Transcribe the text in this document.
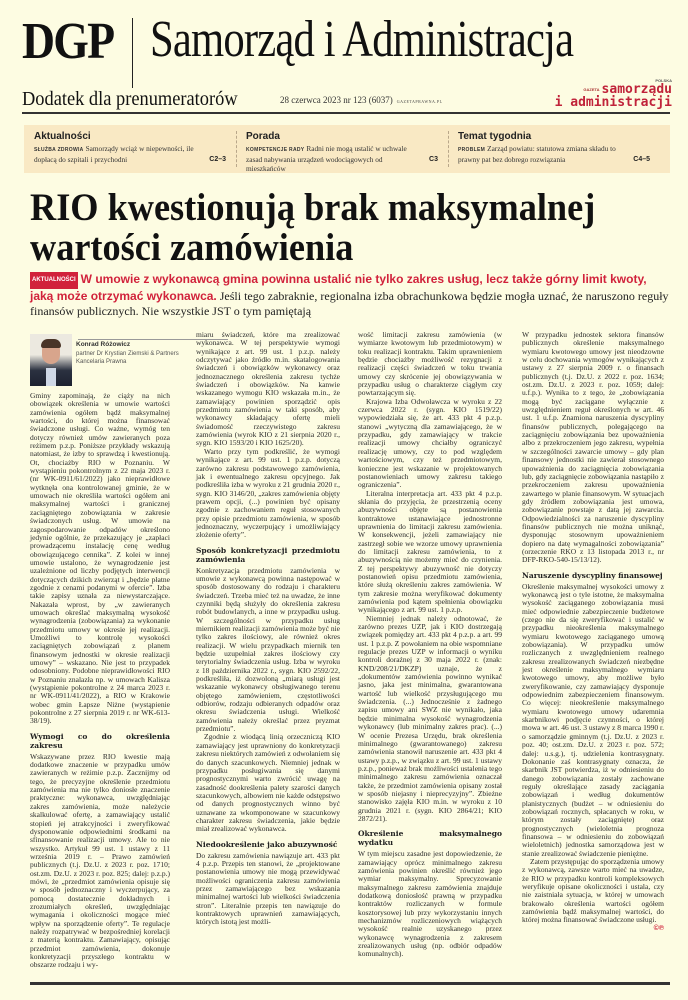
DGP Samorząd i Administracja
Dodatek dla prenumeratorów	28 czerwca 2023 nr 123 (6037) GAZETAPRAWNA.PL
POLSKA
GAZETA samorządu
i administracji
Aktualności
SŁUŻBA ZDROWIA Samorządy wciąż w niepewności, ile dopłacą do szpitali i przychodni	C2–3
Porada
KOMPETENCJE RADY Radni nie mogą ustalić w uchwale zasad nabywania urządzeń wodociągowych od mieszkańców
C3
Temat tygodnia
PROBLEM Zarząd powiatu: statutowa zmiana składu to prawny pat bez dobrego rozwiązania	C4–5
RIO kwestionują brak maksymalnej wartości zamówienia
AKTUALNOŚCI W umowie z wykonawcą gmina powinna ustalić nie tylko zakres usług, lecz także górny limit kwoty, jaką może otrzymać wykonawca. Jeśli tego zabraknie, regionalna izba obrachunkowa będzie mogła uznać, że naruszono reguły finansów publicznych. Nie wszystkie JST o tym pamiętają
Konrad Różowicz
partner Dr Krystian Ziemski & Partners Kancelaria Prawna

Gminy zapominają, że ciąży na nich obowiązek określenia w umowie wartości zamówienia ogółem bądź maksymalnej wartości, do której można finansować świadczone usługi. Co ważne, wymóg ten dotyczy również umów zawieranych poza reżimem p.z.p. Poniższe przykłady wskazują natomiast, że izby to sprawdzą i kwestionują. Ot, chociażby RIO w Poznaniu. W wystąpieniu pokontrolnym z 22 maja 2023 r. (nr WK-0911/61/2022) jako nieprawidłowe wytknęła ona kontrolowanej gminie, że w umowach nie określiła wartości ogółem ani maksymalnej wartości i granicznej zaciągniętego zobowiązania w zakresie świadczonych usług. W umowie na zagospodarowanie odpadów określono jedynie ogólnie, że przekazujący je „zapłaci prowadzącemu instalację cenę według obowiązującego cennika”. Z kolei w innej umowie ustalono, że wynagrodzenie jest uzależnione od liczby podjętych interwencji dotyczących dzikich zwierząt i „będzie płatne zgodnie z cenami podanymi w ofercie”. Izba takie zapisy uznała za niewystarczające. Nakazała wprost, by „w zawieranych umowach określać maksymalną wysokość wynagrodzenia (zobowiązania) za wykonanie przedmiotu umowy w okresie jej realizacji. Umożliwi to kontrolę wysokości zaciągniętych zobowiązań z planem finansowym jednostki w okresie realizacji umowy” – wskazano. Nie jest to przypadek odosobniony. Podobne nieprawidłowości RIO w Poznaniu znalazła np. w umowach Kalisza (wystąpienie pokontrolne z 24 marca 2023 r. nr WK-0911/41/2022), a RIO w Krakowie wobec gmin Łapsze Niżne (wystąpienie pokontrolne z 27 sierpnia 2019 r. nr WK-613-38/19).

Wymogi co do określenia zakresu

Wskazywane przez RIO kwestie mają dodatkowe znaczenie w przypadku umów zawieranych w reżimie p.z.p. Zacznijmy od tego, że precyzyjne określenie przedmiotu zamówienia ma nie tylko doniosłe znaczenie praktyczne: wykonawca, uwzględniając zakres zamówienia, może należycie skalkulować ofertę, a zamawiający ustalić stopień jej atrakcyjności i zweryfikować dysponowanie odpowiednimi środkami na sfinansowanie realizacji umowy. Ale to nie wszystko. Artykuł 99 ust. 1 ustawy z 11 września 2019 r. – Prawo zamówień publicznych (t.j. Dz.U. z 2023 r. poz. 1710; ost.zm. Dz.U. z 2023 r. poz. 825; dalej: p.z.p.) mówi, że „przedmiot zamówienia opisuje się w sposób jednoznaczny i wyczerpujący, za pomocą dostatecznie dokładnych i zrozumiałych określeń, uwzględniając wymagania i okoliczności mogące mieć wpływ na sporządzenie oferty”. Te regulacje należy rozpatrywać w bezpośredniej korelacji z materią kontraktu. Zamawiający, opisując przedmiot zamówienia, dokonuje konkretyzacji przyszłego kontraktu w obszarze rodzaju i wy-

miaru świadczeń, które ma zrealizować wykonawca. W tej perspektywie wymogi wynikające z art. 99 ust. 1 p.z.p. należy odczytywać jako źródło m.in. skatalogowania świadczeń i obowiązków wykonawcy oraz jednoznacznego określenia zakresu tychże świadczeń i obowiązków. Na kanwie wskazanego wymogu KIO wskazała m.in., że zamawiający powinien sporządzić opis przedmiotu zamówienia w taki sposób, aby wykonawcy składający ofertę mieli świadomość rzeczywistego zakresu zamówienia (wyrok KIO z 21 sierpnia 2020 r., sygn. KIO 1593/20 i KIO 1625/20).

Warto przy tym podkreślić, że wymogi wynikające z art. 99 ust. 1 p.z.p. dotyczą zarówno zakresu podstawowego zamówienia, jak i ewentualnego zakresu opcyjnego. Jak podkreśliła izba w wyroku z 21 grudnia 2020 r., sygn. KIO 3146/20, „zakres zamówienia objęty prawem opcji, (...) powinien być opisany zgodnie z zachowaniem reguł stosowanych przy opisie przedmiotu zamówienia, w sposób jednoznaczny, wyczerpujący i umożliwiający złożenie oferty”.

Sposób konkretyzacji przedmiotu zamówienia

Konkretyzacja przedmiotu zamówienia w umowie z wykonawcą powinna następować w sposób dostosowany do rodzaju i charakteru świadczeń. Trzeba mieć też na uwadze, że inne czynniki będą służyły do określenia zakresu robót budowlanych, a inne w przypadku usług. W szczególności w przypadku usług miernikiem realizacji zamówienia może być nie tylko zakres ilościowy, ale również okres realizacji. W wielu przypadkach miernik ten będzie uzupełniał zakres ilościowy czy terytorialny świadczenia usług. Izba w wyroku z 18 października 2022 r., sygn. KIO 2592/22, podkreśliła, iż dozwoloną „miarą usługi jest wskazanie wykonawcy obsługiwanego terenu objętego zamówieniem, częstotliwości odbiorów, rodzaju odbieranych odpadów oraz okresu świadczenia usługi. Wielkość zamówienia należy określać przez pryzmat przedmiotu”.

Zgodnie z wiodącą linią orzeczniczą KIO zamawiający jest uprawniony do konkretyzacji zakresu niektórych zamówień z odwołaniem się do danych szacunkowych. Niemniej jednak w przypadku posługiwania się danymi prognostycznymi warto zwrócić uwagę na zasadność dookreślenia palety szarości danych szacunkowych, albowiem nie każde odstępstwo od danych prognostycznych winno być uznawane za wkomponowane w szacunkowy charakter zakresu świadczenia, jakie będzie miał zrealizować wykonawca.

Niedookreślenie jako abuzywność

Do zakresu zamówienia nawiązuje art. 433 pkt 4 p.z.p. Przepis ten stanowi, że „projektowane postanowienia umowy nie mogą przewidywać możliwości ograniczenia zakresu zamówienia przez zamawiającego bez wskazania minimalnej wartości lub wielkości świadczenia stron”. Literalnie przepis ten nawiązuje do kontraktowych uprawnień zamawiających, których istotą jest możli-

wość limitacji zakresu zamówienia (w wymiarze kwotowym lub przedmiotowym) w toku realizacji kontraktu. Takim uprawnieniem będzie chociażby możliwość rezygnacji z realizacji części świadczeń w toku trwania umowy czy skrócenie jej obowiązywania w przypadku usług o charakterze ciągłym czy powtarzającym się.

Krajowa Izba Odwoławcza w wyroku z 22 czerwca 2022 r. (sygn. KIO 1519/22) wypowiedziała się, że art. 433 pkt 4 p.z.p. stanowi „wytyczną dla zamawiającego, że w przypadku, gdy zamawiający w trakcie realizacji umowy chciałby ograniczyć realizację umowy, czy to pod względem wartościowym, czy też przedmiotowym, konieczne jest wskazanie w projektowanych postanowieniach umowy zakresu takiego ograniczenia”.

Literalna interpretacja art. 433 pkt 4 p.z.p. skłania do przyjęcia, że przestrzenią oceny abuzywności objęte są postanowienia kontraktowe ustanawiające jednostronne uprawnienia do limitacji zakresu zamówienia. W konsekwencji, jeżeli zamawiający nie zastrzegł sobie we wzorze umowy uprawnienia do limitacji zakresu zamówienia, to z abuzywnością nie możemy mieć do czynienia. Z tej perspektywy abuzywność nie dotyczy postanowień opisu przedmiotu zamówienia, które służą określeniu zakres zamówienia. W tym zakresie można weryfikować dokumenty zamówienia pod kątem spełnienia obowiązku wynikającego z art. 99 ust. 1 p.z.p.

Niemniej jednak należy odnotować, że zarówno prezes UZP, jak i KIO dostrzegają związek pomiędzy art. 433 pkt 4 p.z.p. a art. 99 ust. 1 p.z.p. Z powołaniem na obie wspomniane regulacje prezes UZP w informacji o wyniku kontroli doraźnej z 30 maja 2022 r. (znak: KND/208/21/DKZP) uznaje, że z „dokumentów zamówienia powinno wynikać jasno, jaka jest minimalna, gwarantowana wartość lub wielkość przysługującego mu świadczenia. (...) Jednocześnie z żadnego zapisu umowy ani SWZ nie wynikało, jaka będzie minimalna wysokość wynagrodzenia wykonawcy (lub minimalny zakres prac). (...) W ocenie Prezesa Urzędu, brak określenia minimalnego (gwarantowanego) zakresu zamówienia stanowił naruszenie art. 433 pkt 4 ustawy p.z.p., w związku z art. 99 ust. 1 ustawy p.z.p., ponieważ brak możliwości ustalenia tego minimalnego zakresu zamówienia oznaczał także, że przedmiot zamówienia opisany został w sposób niejasny i nieprecyzyjny”. Zbieżne stanowisko zajęła KIO m.in. w wyroku z 10 grudnia 2021 r. (sygn. KIO 2864/21; KIO 2872/21).

Określenie maksymalnego wydatku

W tym miejscu zasadne jest dopowiedzenie, że zamawiający oprócz minimalnego zakresu zamówienia powinien określić również jego wymiar maksymalny. Sprecyzowanie maksymalnego zakresu zamówienia znajduje dodatkową doniosłość prawną w przypadku kontraktów rozliczanych w formule kosztorysowej lub przy wykorzystaniu innych mechanizmów rozliczeniowych wiążących wysokość realnie uzyskanego przez wykonawcę wynagrodzenia z zakresem zrealizowanych usług (np. odbiór odpadów komunalnych).

W przypadku jednostek sektora finansów publicznych określenie maksymalnego wymiaru kwotowego umowy jest nieodzowne w celu dochowania wymogów wynikających z ustawy z 27 sierpnia 2009 r. o finansach publicznych (t.j. Dz.U. z 2022 r. poz. 1634; ost.zm. Dz.U. z 2023 r. poz. 1059; dalej: u.f.p.). Wynika to z tego, że „zobowiązania mogą być zaciągane wyłącznie z uwzględnieniem reguł określonych w art. 46 ust. 1 u.f.p. Znamiona naruszenia dyscypliny finansów publicznych, polegającego na zaciągnięciu zobowiązania bez upoważnienia albo z przekroczeniem jego zakresu, wypełnia w szczególności zawarcie umowy – gdy plan finansowy jednostki nie zawierał stosownego upoważnienia do zaciągnięcia zobowiązania lub, gdy zaciągnięcie zobowiązania nastąpiło z przekroczeniem zakresu upoważnienia zawartego w planie finansowym. W sytuacjach gdy źródłem zobowiązania jest umowa, zobowiązanie powstaje z datą jej zawarcia. Odpowiedzialności za naruszenie dyscypliny finansów publicznych nie można uniknąć, dysponując stosownym upoważnieniem dopiero na datę wymagalności zobowiązania” (orzeczenie RKO z 13 listopada 2013 r., nr DFP-RKO-540-15/13/12).

Naruszenie dyscypliny finansowej

Określenie maksymalnej wysokości umowy z wykonawcą jest o tyle istotne, że maksymalna wysokość zaciąganego zobowiązania musi mieć odpowiednie zabezpieczenie budżetowe (czego nie da się zweryfikować i ustalić w przypadku nieokreślenia maksymalnego wymiaru kwotowego zaciąganego umową zobowiązania). W przypadku umów rozliczanych z uwzględnieniem realnego zakresu zrealizowanych świadczeń niezbędne jest określenie maksymalnego wymiaru kwotowego umowy, aby możliwe było zweryfikowanie, czy zamawiający dysponuje odpowiednim zabezpieczeniem finansowym. Co więcej: nieokreślenie maksymalnego wymiaru kwotowego umowy udaremnia skarbnikowi podjęcie czynności, o której mowa w art. 46 ust. 3 ustawy z 8 marca 1990 r. o samorządzie gminnym (t.j. Dz.U. z 2023 r. poz. 40; ost.zm. Dz.U. z 2023 r. poz. 572; dalej: u.s.g.), tj. udzielenia kontrasygnaty. Dokonanie zaś kontrasygnaty oznacza, że skarbnik JST potwierdza, iż w odniesieniu do danego zobowiązania zostały zachowane reguły określające zasady zaciągania zobowiązań i według dokumentów planistycznych (budżet – w odniesieniu do zobowiązań rocznych, spłacanych w roku, w którym zostały zaciągnięte) oraz prognostycznych (wieloletnia prognoza finansowa – w odniesieniu do zobowiązań wieloletnich) jednostka samorządowa jest w stanie zrealizować świadczenie pieniężne.

Zatem przystępując do sporządzenia umowy z wykonawcą, zawsze warto mieć na uwadze, że RIO w przypadku kontroli kompleksowych weryfikuje opisane okoliczności i ustala, czy nie zaistniała sytuacja, w której w umowach brakowało określenia wartości ogółem zamówienia bądź maksymalnej wartości, do której można finansować świadczone usługi.
©℗
